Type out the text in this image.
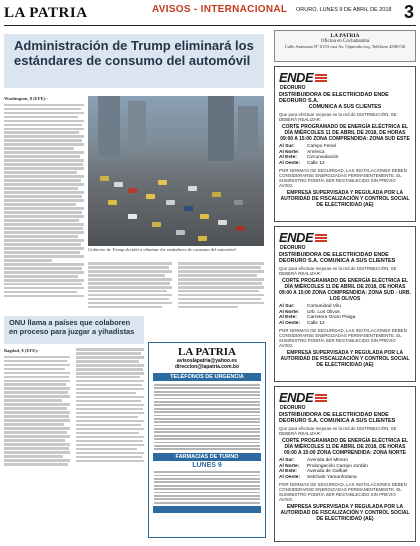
LA PATRIA	AVISOS - INTERNACIONAL ORURO, LUNES 9 DE ABRIL DE 2018 3
Administración de Trump eliminará los estándares de consumo del automóvil
Washington, 8 (EFE).-
Gobierno de Trump decidió a eliminar los estándares de consumo del automóvil.
ONU llama a países que colaboren en proceso para juzgar a yihadistas
Bagdad, 8 (EFE).-	LA PATRIA
avisoslapatria@yahoo.es
direccion@lapatria.com.bo
TELÉFONOS DE URGENCIA
FARMACIAS DE TURNO
LUNES 9
LA PATRIA
Oficina en Cochabamba
Calle Antezana Nº 0153 casi Av. Oquendo esq. Teléfono 4506726
ENDE
DEORURO
DISTRIBUIDORA DE ELECTRICIDAD ENDE DEORURO S.A.
COMUNICA A SUS CLIENTES
Que para efectuar mejoras en la red de DISTRIBUCIÓN, SE DEBERÁ REALIZAR:
CORTE PROGRAMADO DE ENERGÍA ELÉCTRICA EL DÍA MIÉRCOLES 11 DE ABRIL DE 2018, DE HORAS 09:00 A 15:00 ZONA COMPRENDIDA: ZONA SUD ESTE
Al Sur:	Campo Ferial
Al Norte:	América
Al Este:	Circunvalación
Al Oeste:	Calle 12
POR NORMAS DE SEGURIDAD, LAS INSTALACIONES DEBEN CONSIDERARSE ENERGIZADAS PERMANENTEMENTE, EL SUMINISTRO PODRÍA SER RESTABLECIDO SIN PREVIO AVISO.
EMPRESA SUPERVISADA Y REGULADA POR LA AUTORIDAD DE FISCALIZACIÓN Y CONTROL SOCIAL DE ELECTRICIDAD (AE)
ENDE
DEORURO
DISTRIBUIDORA DE ELECTRICIDAD ENDE DEORURO S.A. COMUNICA A SUS CLIENTES
Que para efectuar mejoras en la red de DISTRIBUCIÓN, SE DEBERÁ REALIZAR:
CORTE PROGRAMADO DE ENERGÍA ELÉCTRICA EL DÍA MIÉRCOLES 11 DE ABRIL DE 2018, DE HORAS 09:00 A 15:00 ZONA COMPRENDIDA: ZONA SUD - URB. LOS OLIVOS
Al Sur:	Comunidad Vilu
Al Norte:	Urb. Los Olivos
Al Este:	Carretera Oruro Pisiga
Al Oeste:	Calle 12
POR NORMAS DE SEGURIDAD, LAS INSTALACIONES DEBEN CONSIDERARSE ENERGIZADAS PERMANENTEMENTE, EL SUMINISTRO PODRÍA SER RESTABLECIDO SIN PREVIO AVISO.
EMPRESA SUPERVISADA Y REGULADA POR LA AUTORIDAD DE FISCALIZACIÓN Y CONTROL SOCIAL DE ELECTRICIDAD (AE)
ENDE
DEORURO
DISTRIBUIDORA DE ELECTRICIDAD ENDE DEORURO S.A. COMUNICA A SUS CLIENTES
Que para efectuar mejoras en la red de DISTRIBUCIÓN, SE DEBERÁ REALIZAR:
CORTE PROGRAMADO DE ENERGÍA ELÉCTRICA EL DÍA MIÉRCOLES 11 DE ABRIL DE 2018, DE HORAS 09:00 A 15:00 ZONA COMPRENDIDA: ZONA NORTE
Al Sur:	Avenida del Minero
Al Norte:	Prolongación Campo Jordán
Al Este:	Avenida de Galfuel
Al Oeste:	Selchark Yamanfortana
POR NORMAS DE SEGURIDAD, LAS INSTALACIONES DEBEN CONSIDERARSE ENERGIZADAS PERMANENTEMENTE, EL SUMINISTRO PODRÍA SER RESTABLECIDO SIN PREVIO AVISO.
EMPRESA SUPERVISADA Y REGULADA POR LA AUTORIDAD DE FISCALIZACIÓN Y CONTROL SOCIAL DE ELECTRICIDAD (AE)
